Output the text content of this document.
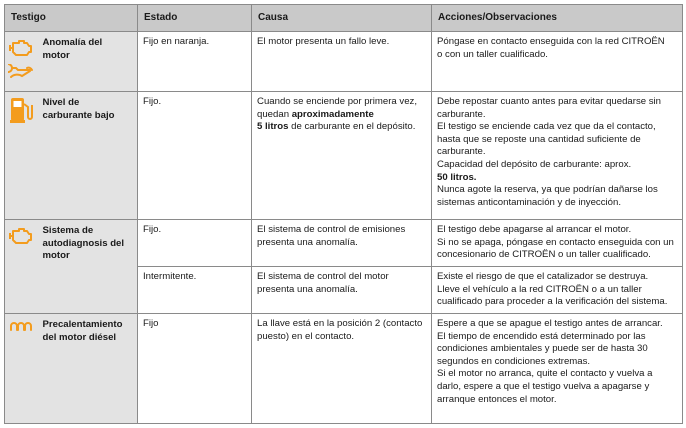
Testigo		Estado	Causa	Acciones/Observaciones

	Anomalía del motor	Fijo en naranja.	El motor presenta un fallo leve.	Póngase en contacto enseguida con la red CITROËN
o con un taller cualificado.

	Nivel de carburante bajo	Fijo.	Cuando se enciende por primera vez, quedan aproximadamente
5 litros de carburante en el depósito.	Debe repostar cuanto antes para evitar quedarse sin carburante.
El testigo se enciende cada vez que da el contacto, hasta que se reposte una cantidad suficiente de carburante.
Capacidad del depósito de carburante: aprox.
50 litros.
Nunca agote la reserva, ya que podrían dañarse los sistemas anticontaminación y de inyección.

	Sistema de autodiagnosis del motor	Fijo.	El sistema de control de emisiones presenta una anomalía.	El testigo debe apagarse al arrancar el motor.
Si no se apaga, póngase en contacto enseguida con un concesionario de CITROËN o un taller cualificado.

		Intermitente.	El sistema de control del motor presenta una anomalía.	Existe el riesgo de que el catalizador se destruya.
Lleve el vehículo a la red CITROËN o a un taller cualificado para proceder a la verificación del sistema.

	Precalentamiento del motor diésel	Fijo	La llave está en la posición 2 (contacto puesto) en el contacto.	Espere a que se apague el testigo antes de arrancar.
El tiempo de encendido está determinado por las condiciones ambientales y puede ser de hasta 30 segundos en condiciones extremas.
Si el motor no arranca, quite el contacto y vuelva a darlo, espere a que el testigo vuelva a apagarse y arranque entonces el motor.
